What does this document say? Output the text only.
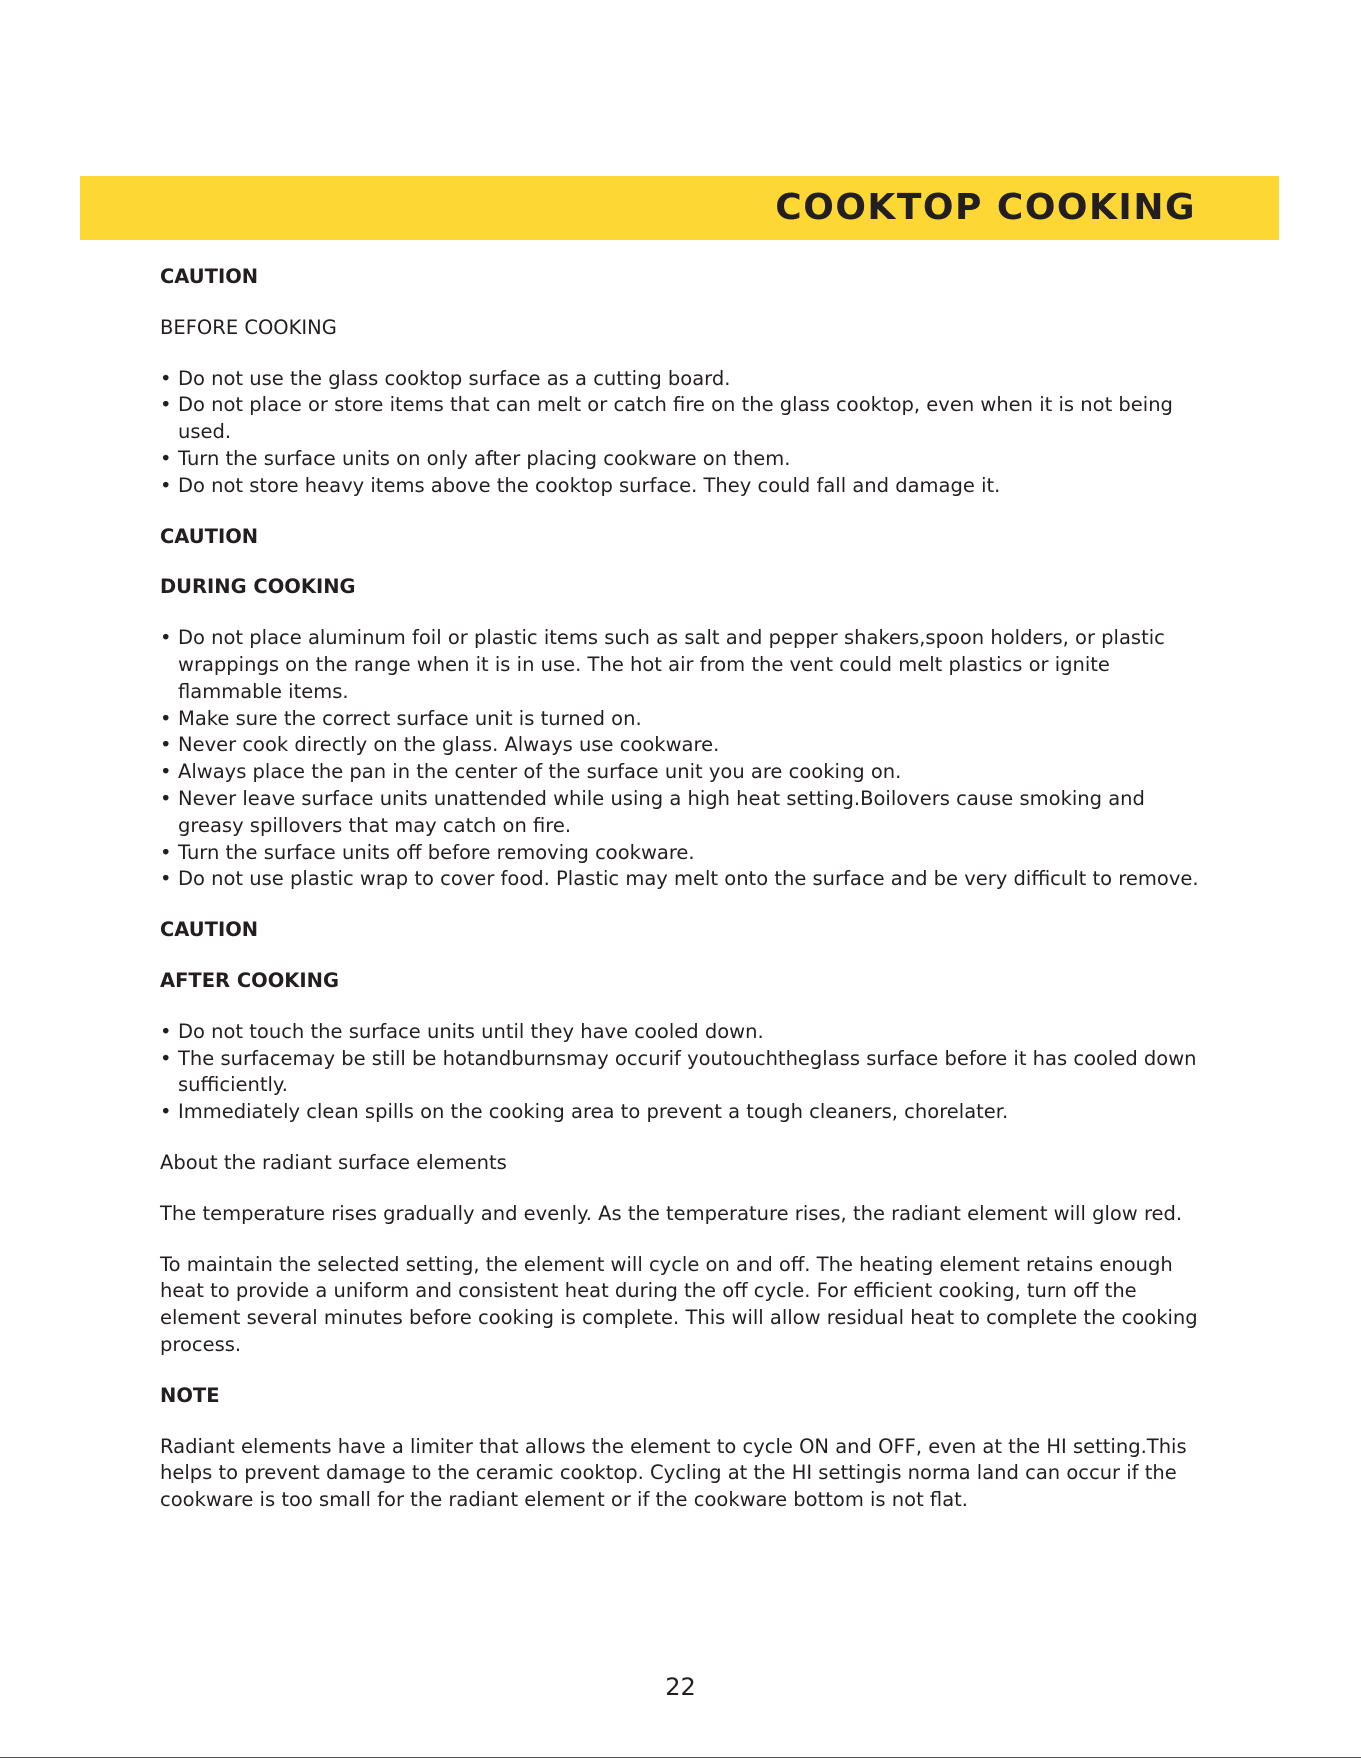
COOKTOP COOKING

CAUTION

BEFORE COOKING

• Do not use the glass cooktop surface as a cutting board.
• Do not place or store items that can melt or catch fire on the glass cooktop, even when it is not being used.
• Turn the surface units on only after placing cookware on them.
• Do not store heavy items above the cooktop surface. They could fall and damage it.

CAUTION

DURING COOKING

• Do not place aluminum foil or plastic items such as salt and pepper shakers,spoon holders, or plastic wrappings on the range when it is in use. The hot air from the vent could melt plastics or ignite flammable items.
• Make sure the correct surface unit is turned on.
• Never cook directly on the glass. Always use cookware.
• Always place the pan in the center of the surface unit you are cooking on.
• Never leave surface units unattended while using a high heat setting.Boilovers cause smoking and greasy spillovers that may catch on fire.
• Turn the surface units off before removing cookware.
• Do not use plastic wrap to cover food. Plastic may melt onto the surface and be very difficult to remove.

CAUTION

AFTER COOKING

• Do not touch the surface units until they have cooled down.
• The surfacemay be still be hotandburnsmay occurif youtouchtheglass surface before it has cooled down sufficiently.
• Immediately clean spills on the cooking area to prevent a tough cleaners, chorelater.

About the radiant surface elements

The temperature rises gradually and evenly. As the temperature rises, the radiant element will glow red.

To maintain the selected setting, the element will cycle on and off. The heating element retains enough heat to provide a uniform and consistent heat during the off cycle. For efficient cooking, turn off the element several minutes before cooking is complete. This will allow residual heat to complete the cooking process.

NOTE

Radiant elements have a limiter that allows the element to cycle ON and OFF, even at the HI setting.This helps to prevent damage to the ceramic cooktop. Cycling at the HI settingis norma land can occur if the cookware is too small for the radiant element or if the cookware bottom is not flat.

22
